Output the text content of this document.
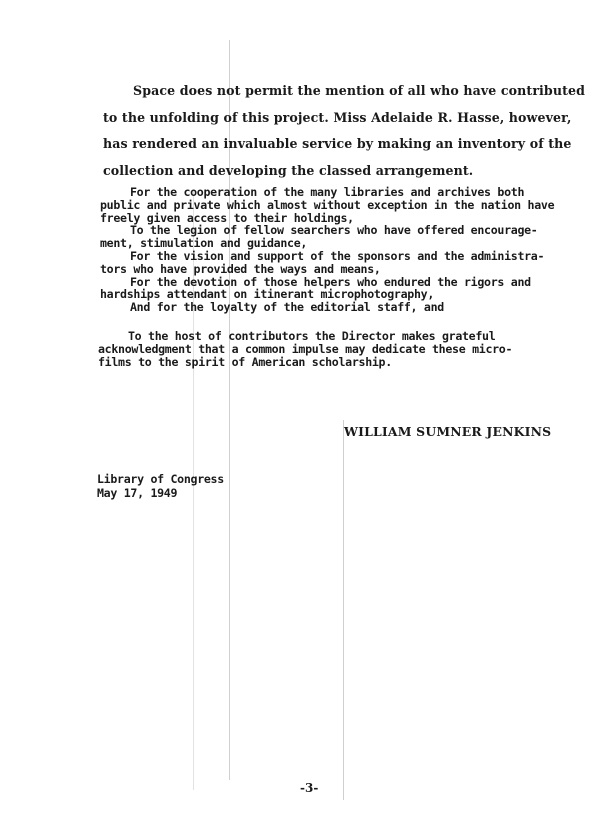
Space does not permit the mention of all who have contributed
to the unfolding of this project. Miss Adelaide R. Hasse, however,
has rendered an invaluable service by making an inventory of the
collection and developing the classed arrangement.
For the cooperation of the many libraries and archives both
public and private which almost without exception in the nation have
freely given access to their holdings,
To the legion of fellow searchers who have offered encourage-
ment, stimulation and guidance,
For the vision and support of the sponsors and the administra-
tors who have provided the ways and means,
For the devotion of those helpers who endured the rigors and
hardships attendant on itinerant microphotography,
And for the loyalty of the editorial staff, and
To the host of contributors the Director makes grateful
acknowledgment that a common impulse may dedicate these micro-
films to the spirit of American scholarship.
WILLIAM SUMNER JENKINS
Library of Congress
May 17, 1949
-3-
